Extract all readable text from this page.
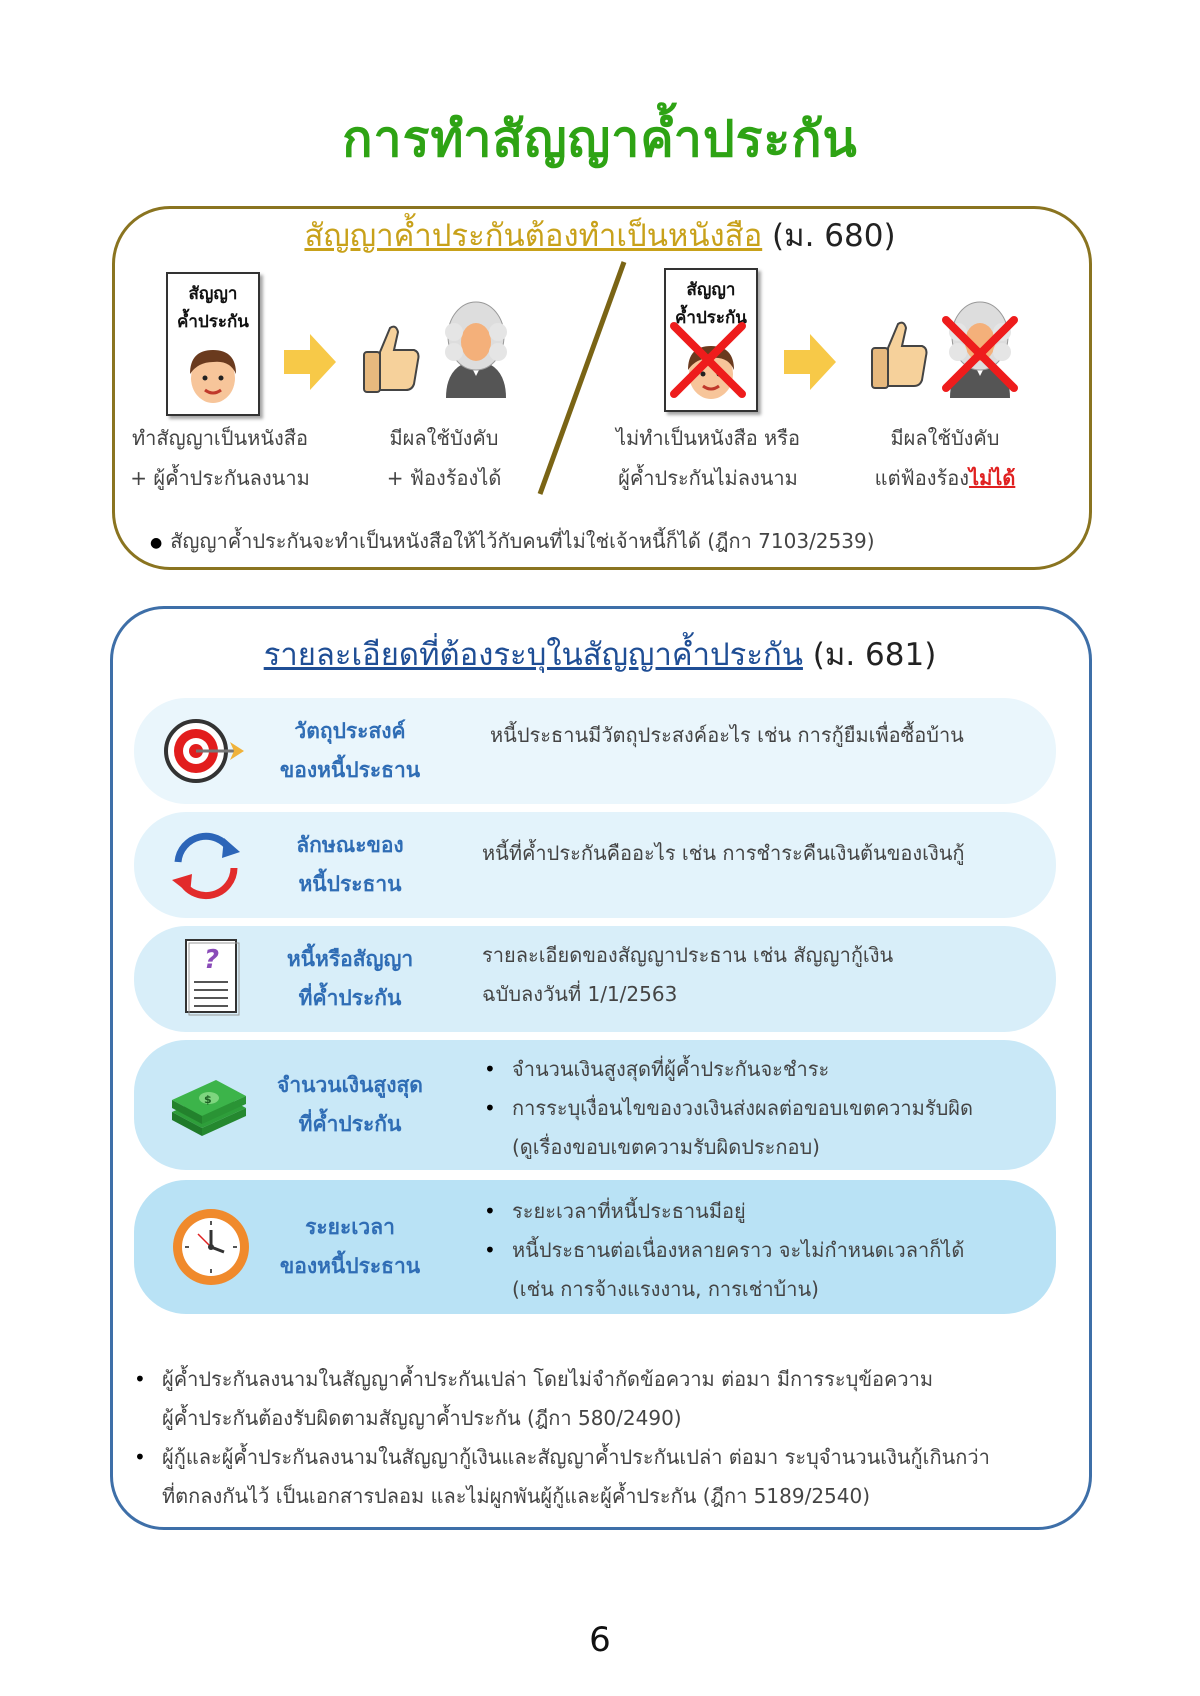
การทำสัญญาค้ำประกัน
สัญญาค้ำประกันต้องทำเป็นหนังสือ (ม. 680)
สัญญา
ค้ำประกัน
สัญญา
ค้ำประกัน
ทำสัญญาเป็นหนังสือ
+ ผู้ค้ำประกันลงนาม
มีผลใช้บังคับ
+ ฟ้องร้องได้
ไม่ทำเป็นหนังสือ หรือ
ผู้ค้ำประกันไม่ลงนาม
มีผลใช้บังคับ
แต่ฟ้องร้องไม่ได้
● สัญญาค้ำประกันจะทำเป็นหนังสือให้ไว้กับคนที่ไม่ใช่เจ้าหนี้ก็ได้ (ฎีกา 7103/2539)
รายละเอียดที่ต้องระบุในสัญญาค้ำประกัน (ม. 681)
วัตถุประสงค์
ของหนี้ประธาน
หนี้ประธานมีวัตถุประสงค์อะไร เช่น การกู้ยืมเพื่อซื้อบ้าน
ลักษณะของ
หนี้ประธาน
หนี้ที่ค้ำประกันคืออะไร เช่น การชำระคืนเงินต้นของเงินกู้
?	หนี้หรือสัญญา
ที่ค้ำประกัน
รายละเอียดของสัญญาประธาน เช่น สัญญากู้เงิน
ฉบับลงวันที่ 1/1/2563
$
จำนวนเงินสูงสุด
ที่ค้ำประกัน
• จำนวนเงินสูงสุดที่ผู้ค้ำประกันจะชำระ
• การระบุเงื่อนไขของวงเงินส่งผลต่อขอบเขตความรับผิด
(ดูเรื่องขอบเขตความรับผิดประกอบ)
ระยะเวลา
ของหนี้ประธาน
• ระยะเวลาที่หนี้ประธานมีอยู่
• หนี้ประธานต่อเนื่องหลายคราว จะไม่กำหนดเวลาก็ได้
(เช่น การจ้างแรงงาน, การเช่าบ้าน)
• ผู้ค้ำประกันลงนามในสัญญาค้ำประกันเปล่า โดยไม่จำกัดข้อความ ต่อมา มีการระบุข้อความ
ผู้ค้ำประกันต้องรับผิดตามสัญญาค้ำประกัน (ฎีกา 580/2490)
• ผู้กู้และผู้ค้ำประกันลงนามในสัญญากู้เงินและสัญญาค้ำประกันเปล่า ต่อมา ระบุจำนวนเงินกู้เกินกว่า
ที่ตกลงกันไว้ เป็นเอกสารปลอม และไม่ผูกพันผู้กู้และผู้ค้ำประกัน (ฎีกา 5189/2540)
6
